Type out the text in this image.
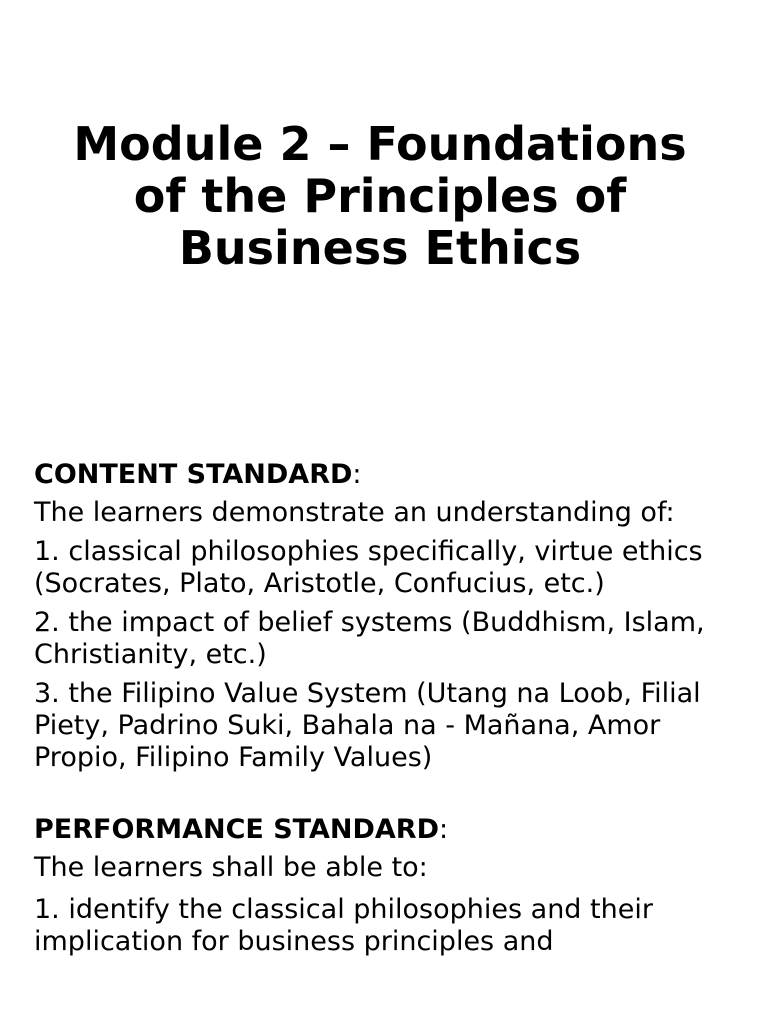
Module 2 – Foundations of the Principles of Business Ethics

CONTENT STANDARD:

The learners demonstrate an understanding of:

1. classical philosophies specifically, virtue ethics (Socrates, Plato, Aristotle, Confucius, etc.)

2. the impact of belief systems (Buddhism, Islam, Christianity, etc.)

3. the Filipino Value System (Utang na Loob, Filial Piety, Padrino Suki, Bahala na - Mañana, Amor Propio, Filipino Family Values)

PERFORMANCE STANDARD:

The learners shall be able to:

1. identify the classical philosophies and their implication for business principles and
